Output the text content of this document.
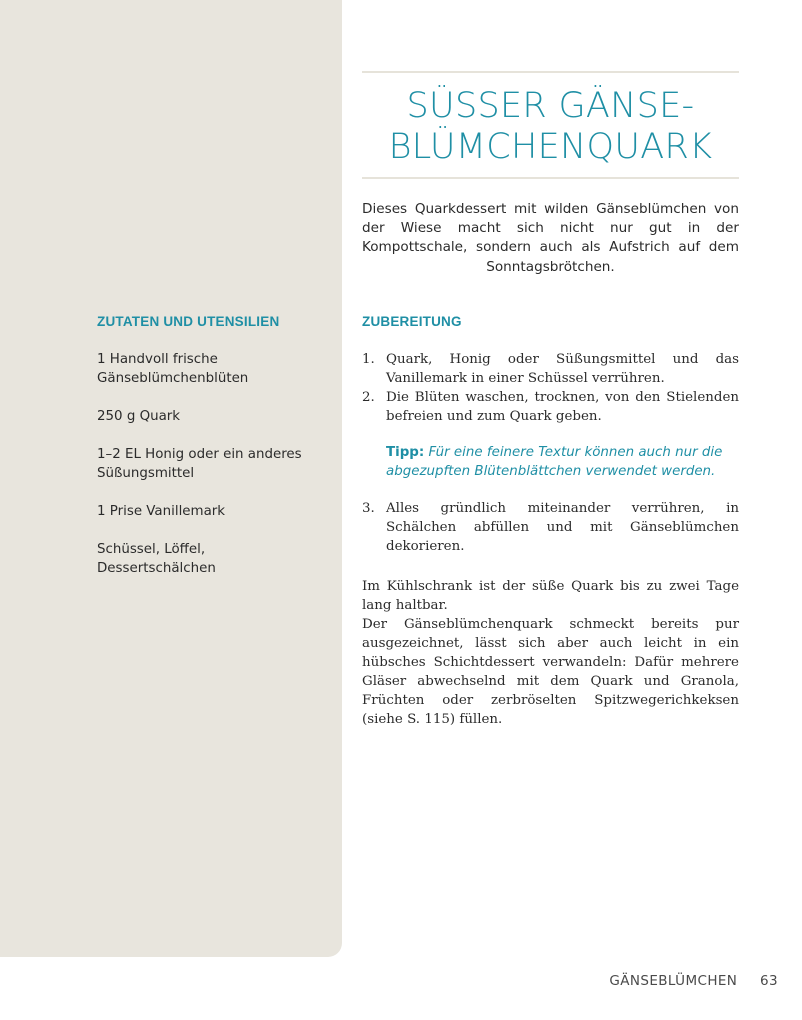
SÜSSER GÄNSE-
BLÜMCHENQUARK
Dieses Quarkdessert mit wilden Gänseblümchen von der Wiese macht sich nicht nur gut in der Kompottschale, sondern auch als Aufstrich auf dem Sonntagsbrötchen.
ZUTATEN UND UTENSILIEN
1 Handvoll frische Gänseblümchenblüten
250 g Quark
1–2 EL Honig oder ein anderes Süßungsmittel
1 Prise Vanillemark
Schüssel, Löffel, Dessertschälchen
ZUBEREITUNG
1. Quark, Honig oder Süßungsmittel und das Vanillemark in einer Schüssel verrühren.
2. Die Blüten waschen, trocknen, von den Stielenden befreien und zum Quark geben.
Tipp: Für eine feinere Textur können auch nur die abgezupften Blütenblättchen verwendet werden.
3. Alles gründlich miteinander verrühren, in Schälchen abfüllen und mit Gänseblümchen dekorieren.

Im Kühlschrank ist der süße Quark bis zu zwei Tage lang haltbar.

Der Gänseblümchenquark schmeckt bereits pur ausgezeichnet, lässt sich aber auch leicht in ein hübsches Schichtdessert verwandeln: Dafür mehrere Gläser abwechselnd mit dem Quark und Granola, Früchten oder zerbröselten Spitzwegerichkeksen (siehe S. 115) füllen.

GÄNSEBLÜMCHEN 63
